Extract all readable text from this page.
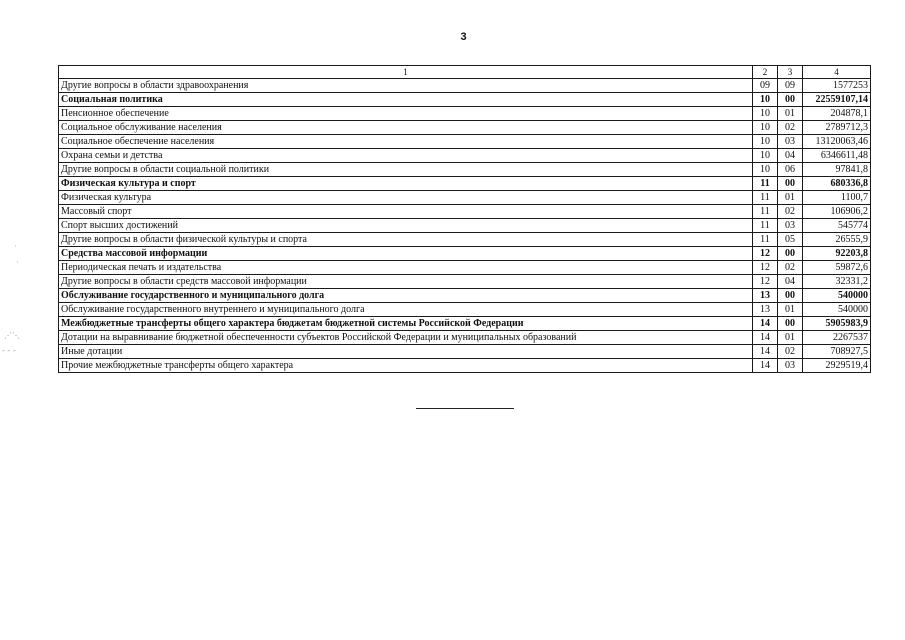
3
1	2	3	4
Другие вопросы в области здравоохранения	09	09	1577253
Социальная политика	10	00	22559107,14
Пенсионное обеспечение	10	01	204878,1
Социальное обслуживание населения	10	02	2789712,3
Социальное обеспечение населения	10	03	13120063,46
Охрана семьи и детства	10	04	6346611,48
Другие вопросы в области социальной политики	10	06	97841,8
Физическая культура и спорт	11	00	680336,8
Физическая культура	11	01	1100,7
Массовый спорт	11	02	106906,2
Спорт высших достижений	11	03	545774
Другие вопросы в области физической культуры и спорта	11	05	26555,9
Средства массовой информации	12	00	92203,8
Периодическая печать и издательства	12	02	59872,6
Другие вопросы в области средств массовой информации	12	04	32331,2
Обслуживание государственного и муниципального долга	13	00	540000
Обслуживание государственного внутреннего и муниципального долга	13	01	540000
Межбюджетные трансферты общего характера бюджетам бюджетной системы Российской Федерации	14	00	5905983,9
Дотации на выравнивание бюджетной обеспеченности субъектов Российской Федерации и муниципальных образований	14	01	2267537
Иные дотации	14	02	708927,5
Прочие межбюджетные трансферты общего характера	14	03	2929519,4
·
·
⋰⋱
- - -
